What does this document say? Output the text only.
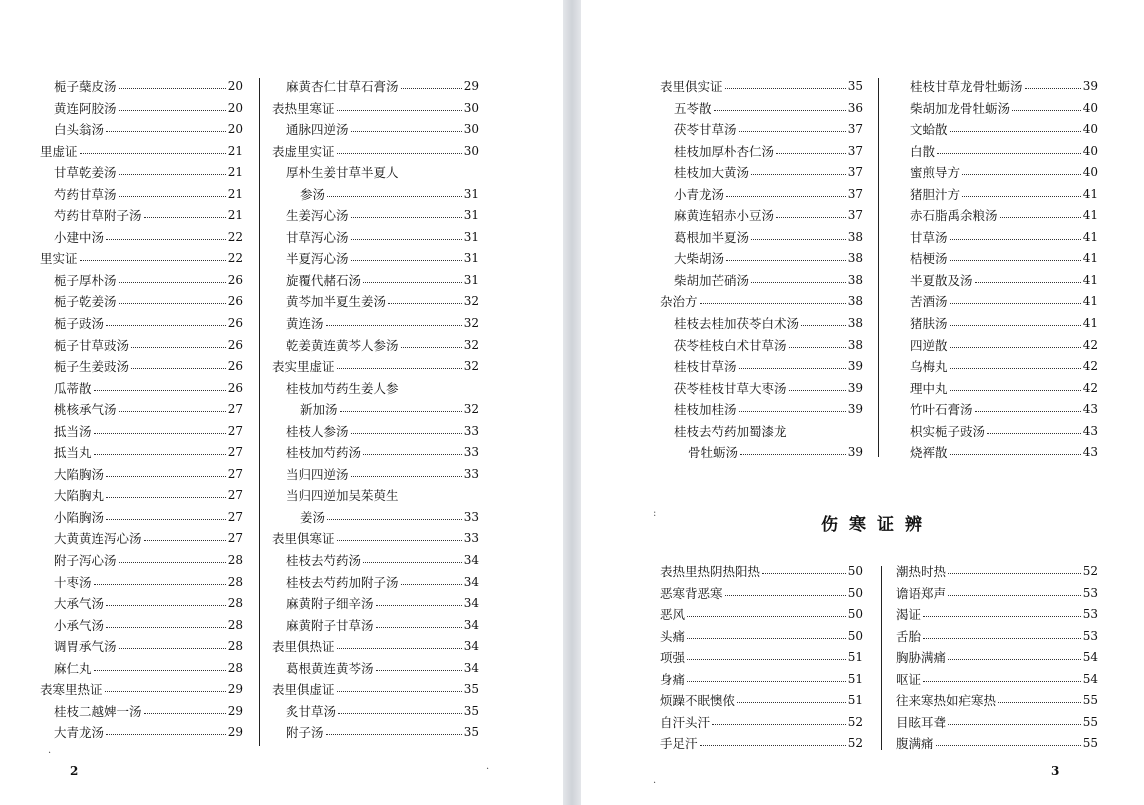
栀子蘖皮汤	20
黄连阿胶汤	20
白头翁汤	20
里虚证	21
甘草乾姜汤	21
芍药甘草汤	21
芍药甘草附子汤	21
小建中汤	22
里实证	22
栀子厚朴汤	26
栀子乾姜汤	26
栀子豉汤	26
栀子甘草豉汤	26
栀子生姜豉汤	26
瓜蒂散	26
桃核承气汤	27
抵当汤	27
抵当丸	27
大陷胸汤	27
大陷胸丸	27
小陷胸汤	27
大黄黄连泻心汤	27
附子泻心汤	28
十枣汤	28
大承气汤	28
小承气汤	28
调胃承气汤	28
麻仁丸	28
表寒里热证	29
桂枝二越婢一汤	29
大青龙汤	29
麻黄杏仁甘草石膏汤	29
表热里寒证	30
通脉四逆汤	30
表虚里实证	30
厚朴生姜甘草半夏人
参汤	31
生姜泻心汤	31
甘草泻心汤	31
半夏泻心汤	31
旋覆代赭石汤	31
黄芩加半夏生姜汤	32
黄连汤	32
乾姜黄连黄芩人参汤	32
表实里虚证	32
桂枝加芍药生姜人参
新加汤	32
桂枝人参汤	33
桂枝加芍药汤	33
当归四逆汤	33
当归四逆加吴茱萸生
姜汤	33
表里俱寒证	33
桂枝去芍药汤	34
桂枝去芍药加附子汤	34
麻黄附子细辛汤	34
麻黄附子甘草汤	34
表里俱热证	34
葛根黄连黄芩汤	34
表里俱虚证	35
炙甘草汤	35
附子汤	35
2
·
·
表里俱实证	35
五苓散	36
茯苓甘草汤	37
桂枝加厚朴杏仁汤	37
桂枝加大黄汤	37
小青龙汤	37
麻黄连轺赤小豆汤	37
葛根加半夏汤	38
大柴胡汤	38
柴胡加芒硝汤	38
杂治方	38
桂枝去桂加茯苓白术汤	38
茯苓桂枝白术甘草汤	38
桂枝甘草汤	39
茯苓桂枝甘草大枣汤	39
桂枝加桂汤	39
桂枝去芍药加蜀漆龙
骨牡蛎汤	39
桂枝甘草龙骨牡蛎汤	39
柴胡加龙骨牡蛎汤	40
文蛤散	40
白散	40
蜜煎导方	40
猪胆汁方	41
赤石脂禹余粮汤	41
甘草汤	41
桔梗汤	41
半夏散及汤	41
苦酒汤	41
猪肤汤	41
四逆散	42
乌梅丸	42
理中丸	42
竹叶石膏汤	43
枳实栀子豉汤	43
烧裈散	43
伤寒证辨
表热里热阴热阳热	50
恶寒背恶寒	50
恶风	50
头痛	50
项强	51
身痛	51
烦躁不眠懊侬	51
自汗头汗	52
手足汗	52
潮热时热	52
谵语郑声	53
渴证	53
舌胎	53
胸胁满痛	54
呕证	54
往来寒热如疟寒热	55
目眩耳聋	55
腹满痛	55
3
:
·
